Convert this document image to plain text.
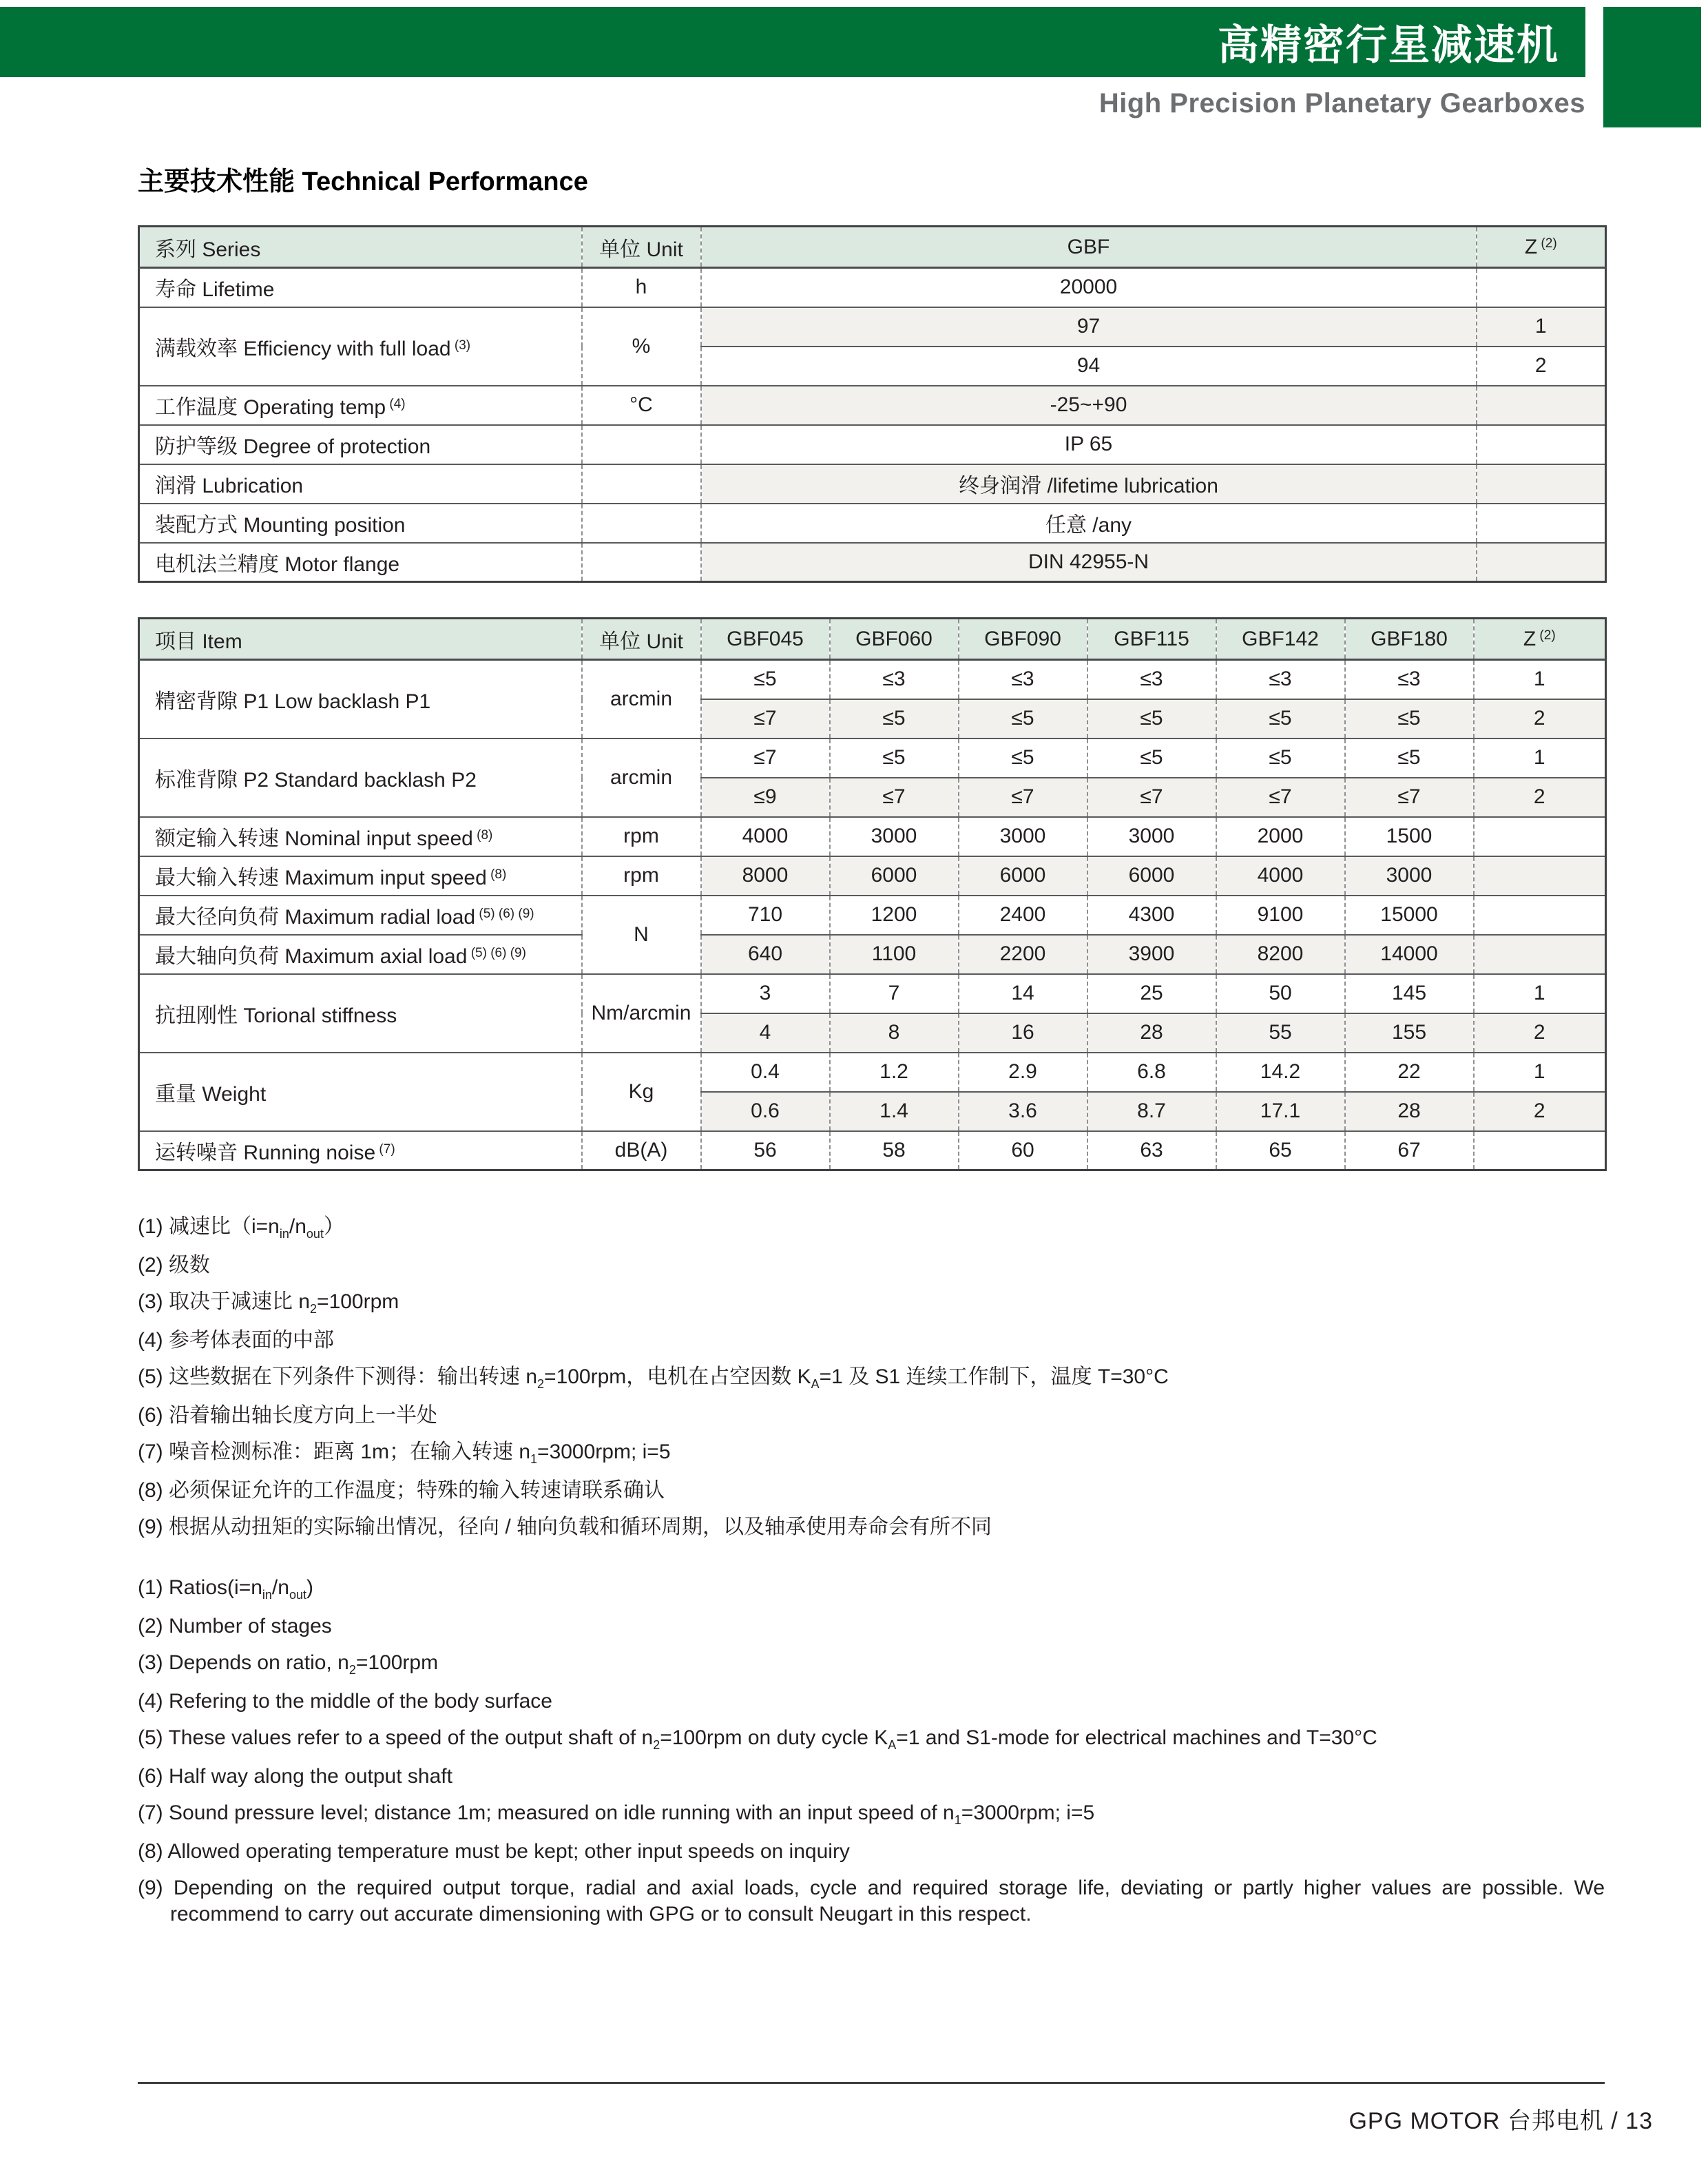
高精密行星减速机
High Precision Planetary Gearboxes
主要技术性能 Technical Performance
系列 Series	单位 Unit	GBF	Z $^{(2)}$
寿命 Lifetime	h	20000	
满载效率 Efficiency with full load $^{(3)}$	%	97	1
		94	2
工作温度 Operating temp $^{(4)}$	°C	-25~+90	
防护等级 Degree of protection		IP 65	
润滑 Lubrication		终身润滑 /lifetime lubrication	
装配方式 Mounting position		任意 /any	
电机法兰精度 Motor flange		DIN 42955-N	
项目 Item	单位 Unit	GBF045	GBF060	GBF090	GBF115	GBF142	GBF180	Z $^{(2)}$
精密背隙 P1 Low backlash P1	arcmin	≤5	≤3	≤3	≤3	≤3	≤3	1
		≤7	≤5	≤5	≤5	≤5	≤5	2
标准背隙 P2 Standard backlash P2	arcmin	≤7	≤5	≤5	≤5	≤5	≤5	1
		≤9	≤7	≤7	≤7	≤7	≤7	2
额定输入转速 Nominal input speed $^{(8)}$	rpm	4000	3000	3000	3000	2000	1500	
最大输入转速 Maximum input speed $^{(8)}$	rpm	8000	6000	6000	6000	4000	3000	
最大径向负荷 Maximum radial load $^{(5) (6) (9)}$	N	710	1200	2400	4300	9100	15000	
最大轴向负荷 Maximum axial load $^{(5) (6) (9)}$		640	1100	2200	3900	8200	14000	
抗扭刚性 Torional stiffness	Nm/arcmin	3	7	14	25	50	145	1
		4	8	16	28	55	155	2
重量 Weight	Kg	0.4	1.2	2.9	6.8	14.2	22	1
		0.6	1.4	3.6	8.7	17.1	28	2
运转噪音 Running noise $^{(7)}$	dB(A)	56	58	60	63	65	67	
(1) 减速比$(i=n_{in}/n_{out})$
(2) 级数
(3) 取决于减速比 $n_2=100rpm$
(4) 参考体表面的中部
(5) 这些数据在下列条件下测得：输出转速 $n_2=100rpm$，电机在占空因数 $K_A=1$ 及 S1 连续工作制下，温度 T=30°C
(6) 沿着输出轴长度方向上一半处
(7) 噪音检测标准：距离 1m；在输入转速 $n_1=3000rpm$; i=5
(8) 必须保证允许的工作温度；特殊的输入转速请联系确认
(9) 根据从动扭矩的实际输出情况，径向 / 轴向负载和循环周期，以及轴承使用寿命会有所不同
(1) $Ratios(i=n_{in}/n_{out})$
(2) Number of stages
(3) Depends on ratio, $n_2=100rpm$
(4) Refering to the middle of the body surface
(5) These values refer to a speed of the output shaft of $n_2=100rpm$ on duty cycle $K_A=1$ and S1-mode for electrical machines and T=30°C
(6) Half way along the output shaft
(7) Sound pressure level; distance 1m; measured on idle running with an input speed of $n_1=3000rpm$; i=5
(8) Allowed operating temperature must be kept; other input speeds on inquiry
(9) Depending on the required output torque, radial and axial loads, cycle and required storage life, deviating or partly higher values are possible. We recommend to carry out accurate dimensioning with GPG or to consult Neugart in this respect.
GPG MOTOR 台邦电机 / 13
